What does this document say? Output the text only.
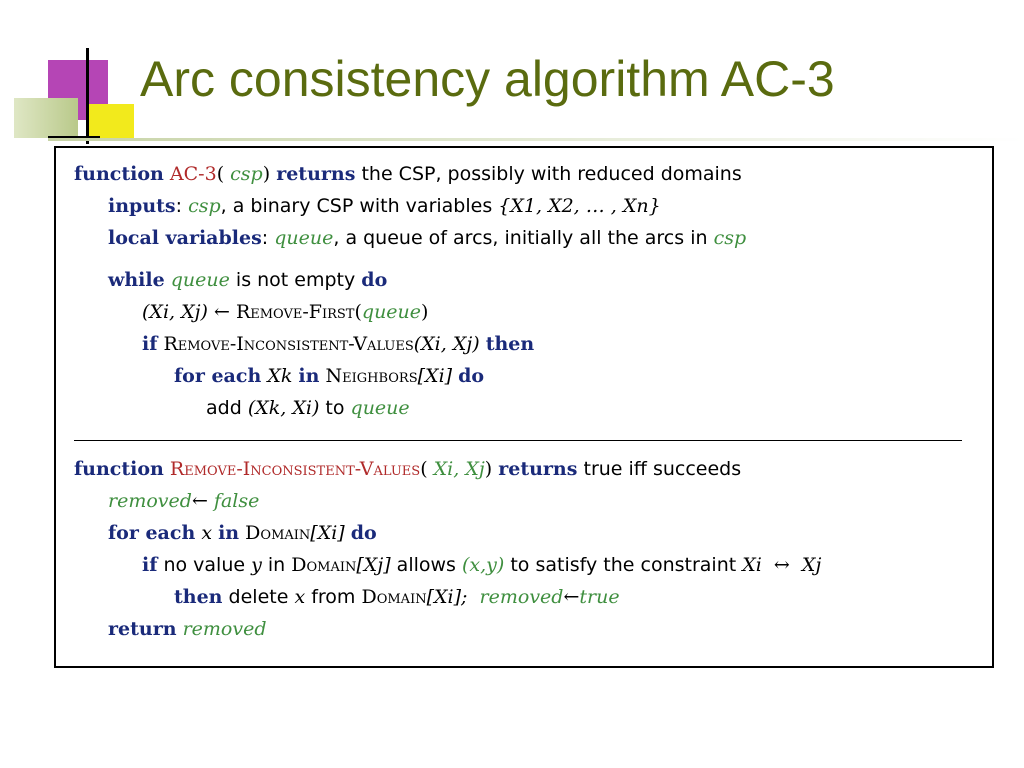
Arc consistency algorithm AC-3
function AC-3( csp) returns the CSP, possibly with reduced domains
inputs: csp, a binary CSP with variables {X1, X2, … , Xn}
local variables: queue, a queue of arcs, initially all the arcs in csp
while queue is not empty do
(Xi, Xj) ← Remove-First(queue)
if Remove-Inconsistent-Values(Xi, Xj) then
for each Xk in Neighbors[Xi] do
add (Xk, Xi) to queue
function Remove-Inconsistent-Values( Xi, Xj) returns true iff succeeds
removed← false
for each x in Domain[Xi] do
if no value y in Domain[Xj] allows (x,y) to satisfy the constraint Xi  ↔  Xj
then delete x from Domain[Xi]; removed←true
return removed
